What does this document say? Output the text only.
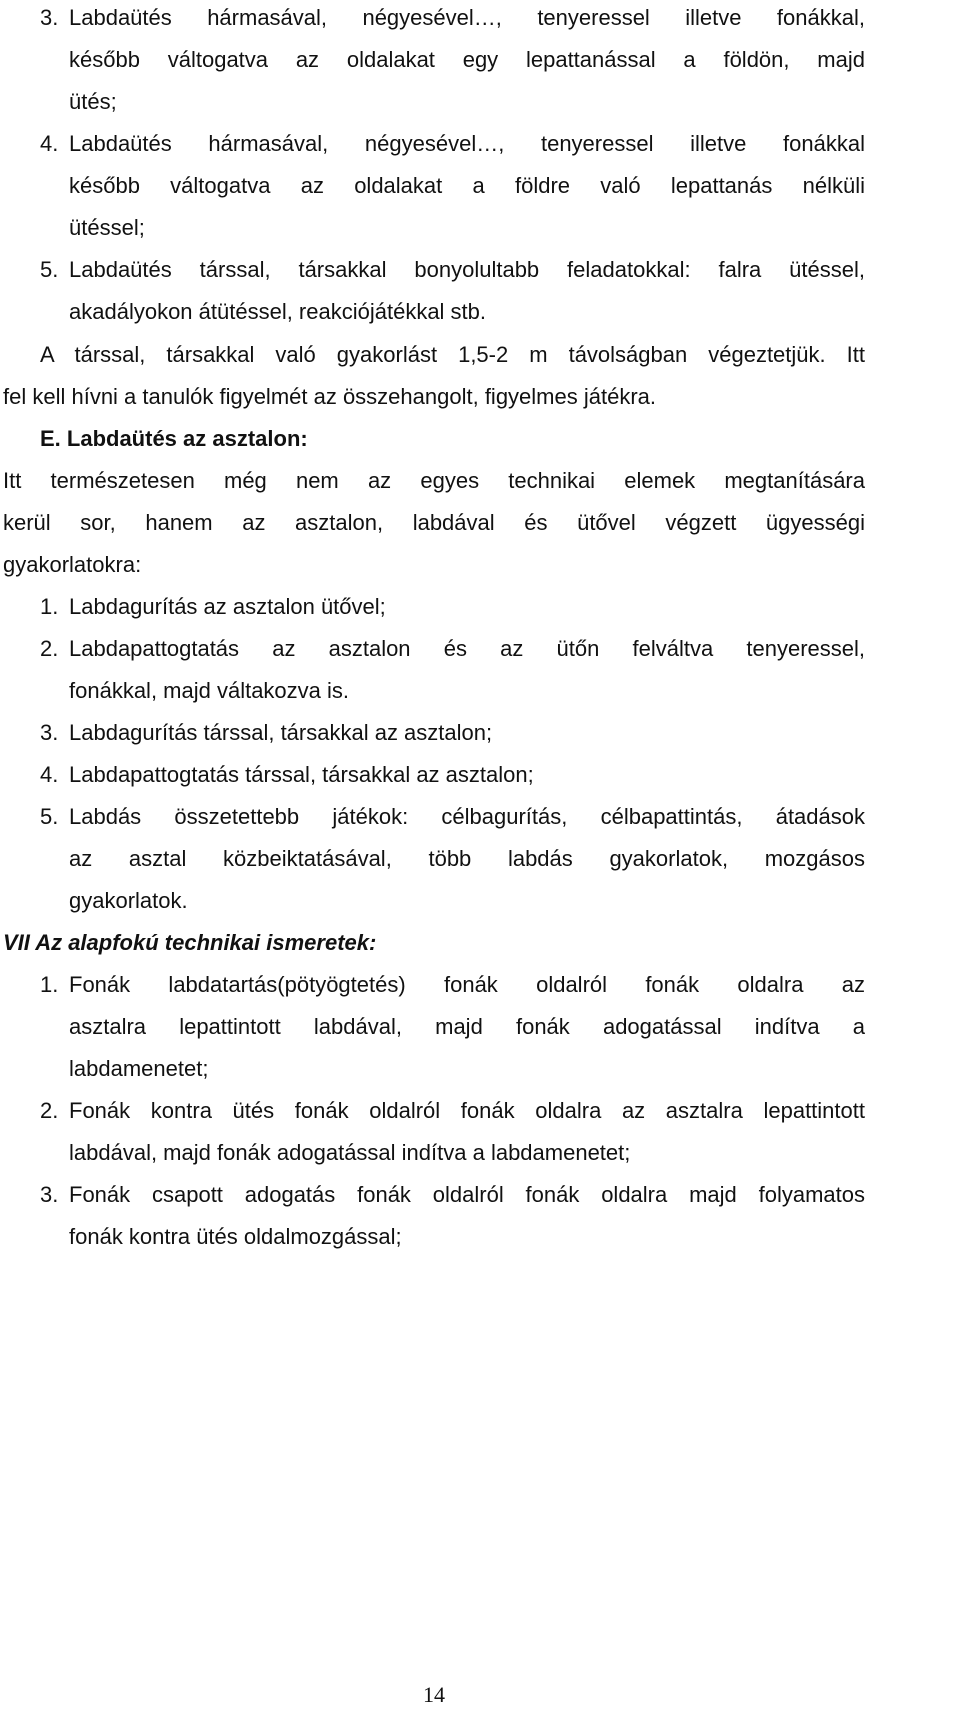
3. Labdaütés hármasával, négyesével…, tenyeressel illetve fonákkal,
később váltogatva az oldalakat egy lepattanással a földön, majd
ütés;
4. Labdaütés hármasával, négyesével…, tenyeressel illetve fonákkal
később váltogatva az oldalakat a földre való lepattanás nélküli
ütéssel;
5. Labdaütés társsal, társakkal bonyolultabb feladatokkal: falra ütéssel,
akadályokon átütéssel, reakciójátékkal stb.
A társsal, társakkal való gyakorlást 1,5-2 m távolságban végeztetjük. Itt
fel kell hívni a tanulók figyelmét az összehangolt, figyelmes játékra.
E. Labdaütés az asztalon:
Itt természetesen még nem az egyes technikai elemek megtanítására
kerül sor, hanem az asztalon, labdával és ütővel végzett ügyességi
gyakorlatokra:
1. Labdagurítás az asztalon ütővel;
2. Labdapattogtatás az asztalon és az ütőn felváltva tenyeressel,
fonákkal, majd váltakozva is.
3. Labdagurítás társsal, társakkal az asztalon;
4. Labdapattogtatás társsal, társakkal az asztalon;
5. Labdás összetettebb játékok: célbagurítás, célbapattintás, átadások
az asztal közbeiktatásával, több labdás gyakorlatok, mozgásos
gyakorlatok.
VII Az alapfokú technikai ismeretek:
1. Fonák labdatartás(pötyögtetés) fonák oldalról fonák oldalra az
asztalra lepattintott labdával, majd fonák adogatással indítva a
labdamenetet;
2. Fonák kontra ütés fonák oldalról fonák oldalra az asztalra lepattintott
labdával, majd fonák adogatással indítva a labdamenetet;
3. Fonák csapott adogatás fonák oldalról fonák oldalra majd folyamatos
fonák kontra ütés oldalmozgással;
14
